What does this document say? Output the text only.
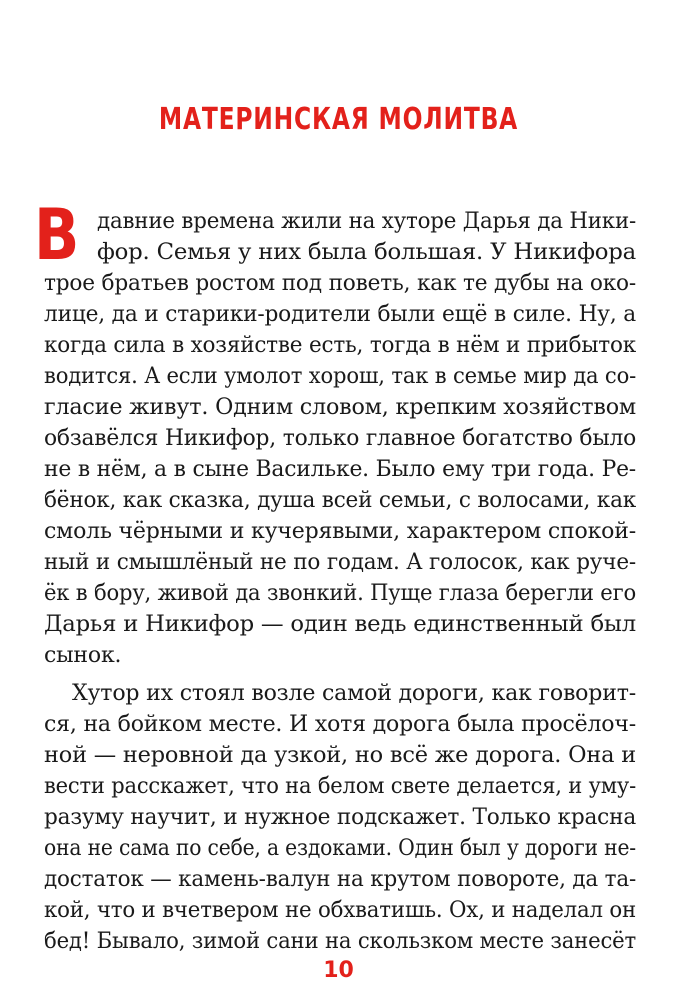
МАТЕРИНСКАЯ МОЛИТВА
В давние времена жили на хуторе Дарья да Ники-
фор. Семья у них была большая. У Никифора
трое братьев ростом под поветь, как те дубы на око-
лице, да и старики-родители были ещё в силе. Ну, а
когда сила в хозяйстве есть, тогда в нём и прибыток
водится. А если умолот хорош, так в семье мир да со-
гласие живут. Одним словом, крепким хозяйством
обзавёлся Никифор, только главное богатство было
не в нём, а в сыне Васильке. Было ему три года. Ре-
бёнок, как сказка, душа всей семьи, с волосами, как
смоль чёрными и кучерявыми, характером спокой-
ный и смышлёный не по годам. А голосок, как руче-
ёк в бору, живой да звонкий. Пуще глаза берегли его
Дарья и Никифор — один ведь единственный был
сынок.
Хутор их стоял возле самой дороги, как говорит-
ся, на бойком месте. И хотя дорога была просёлоч-
ной — неровной да узкой, но всё же дорога. Она и
вести расскажет, что на белом свете делается, и уму-
разуму научит, и нужное подскажет. Только красна
она не сама по себе, а ездоками. Один был у дороги не-
достаток — камень-валун на крутом повороте, да та-
кой, что и вчетвером не обхватишь. Ох, и наделал он
бед! Бывало, зимой сани на скользком месте занесёт
10
